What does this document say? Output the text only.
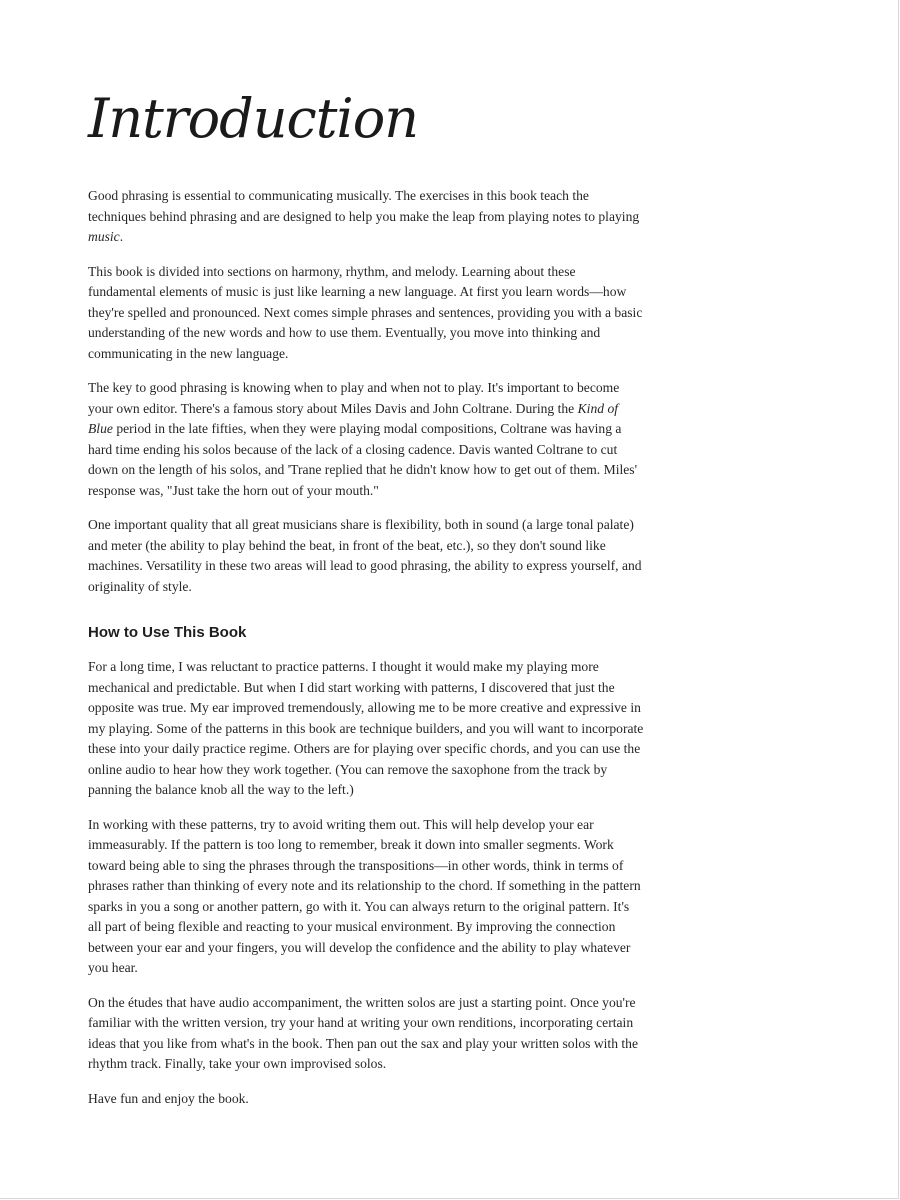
Introduction

Good phrasing is essential to communicating musically. The exercises in this book teach the techniques behind phrasing and are designed to help you make the leap from playing notes to playing music.

This book is divided into sections on harmony, rhythm, and melody. Learning about these fundamental elements of music is just like learning a new language. At first you learn words—how they're spelled and pronounced. Next comes simple phrases and sentences, providing you with a basic understanding of the new words and how to use them. Eventually, you move into thinking and communicating in the new language.

The key to good phrasing is knowing when to play and when not to play. It's important to become your own editor. There's a famous story about Miles Davis and John Coltrane. During the Kind of Blue period in the late fifties, when they were playing modal compositions, Coltrane was having a hard time ending his solos because of the lack of a closing cadence. Davis wanted Coltrane to cut down on the length of his solos, and 'Trane replied that he didn't know how to get out of them. Miles' response was, "Just take the horn out of your mouth."

One important quality that all great musicians share is flexibility, both in sound (a large tonal palate) and meter (the ability to play behind the beat, in front of the beat, etc.), so they don't sound like machines. Versatility in these two areas will lead to good phrasing, the ability to express yourself, and originality of style.

How to Use This Book

For a long time, I was reluctant to practice patterns. I thought it would make my playing more mechanical and predictable. But when I did start working with patterns, I discovered that just the opposite was true. My ear improved tremendously, allowing me to be more creative and expressive in my playing. Some of the patterns in this book are technique builders, and you will want to incorporate these into your daily practice regime. Others are for playing over specific chords, and you can use the online audio to hear how they work together. (You can remove the saxophone from the track by panning the balance knob all the way to the left.)

In working with these patterns, try to avoid writing them out. This will help develop your ear immeasurably. If the pattern is too long to remember, break it down into smaller segments. Work toward being able to sing the phrases through the transpositions—in other words, think in terms of phrases rather than thinking of every note and its relationship to the chord. If something in the pattern sparks in you a song or another pattern, go with it. You can always return to the original pattern. It's all part of being flexible and reacting to your musical environment. By improving the connection between your ear and your fingers, you will develop the confidence and the ability to play whatever you hear.

On the études that have audio accompaniment, the written solos are just a starting point. Once you're familiar with the written version, try your hand at writing your own renditions, incorporating certain ideas that you like from what's in the book. Then pan out the sax and play your written solos with the rhythm track. Finally, take your own improvised solos.

Have fun and enjoy the book.
